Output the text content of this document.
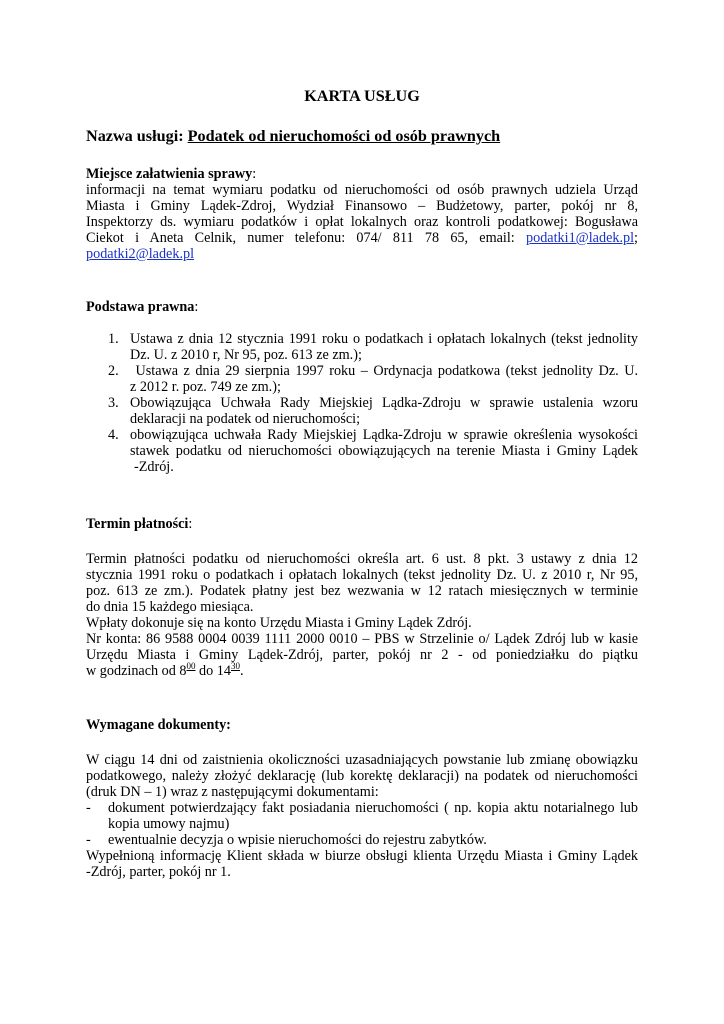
KARTA USŁUG
Nazwa usługi: Podatek od nieruchomości od osób prawnych
Miejsce załatwienia sprawy:
informacji na temat wymiaru podatku od nieruchomości od osób prawnych udziela Urząd
Miasta i Gminy Lądek-Zdroj, Wydział Finansowo – Budżetowy, parter, pokój nr 8,
Inspektorzy ds. wymiaru podatków i opłat lokalnych oraz kontroli podatkowej: Bogusława
Ciekot i Aneta Celnik, numer telefonu: 074/ 811 78 65, email: podatki1@ladek.pl;
podatki2@ladek.pl
Podstawa prawna:
1. Ustawa z dnia 12 stycznia 1991 roku o podatkach i opłatach lokalnych (tekst jednolity
Dz. U. z 2010 r, Nr 95, poz. 613 ze zm.);
2. Ustawa z dnia 29 sierpnia 1997 roku – Ordynacja podatkowa (tekst jednolity Dz. U.
z 2012 r. poz. 749 ze zm.);
3. Obowiązująca Uchwała Rady Miejskiej Lądka-Zdroju w sprawie ustalenia wzoru
deklaracji na podatek od nieruchomości;
4. obowiązująca uchwała Rady Miejskiej Lądka-Zdroju w sprawie określenia wysokości
stawek podatku od nieruchomości obowiązujących na terenie Miasta i Gminy Lądek
-Zdrój.
Termin płatności:
Termin płatności podatku od nieruchomości określa art. 6 ust. 8 pkt. 3 ustawy z dnia 12
stycznia 1991 roku o podatkach i opłatach lokalnych (tekst jednolity Dz. U. z 2010 r, Nr 95,
poz. 613 ze zm.). Podatek płatny jest bez wezwania w 12 ratach miesięcznych w terminie
do dnia 15 każdego miesiąca.
Wpłaty dokonuje się na konto Urzędu Miasta i Gminy Lądek Zdrój.
Nr konta: 86 9588 0004 0039 1111 2000 0010 – PBS w Strzelinie o/ Lądek Zdrój lub w kasie
Urzędu Miasta i Gminy Lądek-Zdrój, parter, pokój nr 2 - od poniedziałku do piątku
w godzinach od $8^{00}$ do $14^{30}$.
Wymagane dokumenty:
W ciągu 14 dni od zaistnienia okoliczności uzasadniających powstanie lub zmianę obowiązku
podatkowego, należy złożyć deklarację (lub korektę deklaracji) na podatek od nieruchomości
(druk DN – 1) wraz z następującymi dokumentami:
- dokument potwierdzający fakt posiadania nieruchomości ( np. kopia aktu notarialnego lub
kopia umowy najmu)
- ewentualnie decyzja o wpisie nieruchomości do rejestru zabytków.
Wypełnioną informację Klient składa w biurze obsługi klienta Urzędu Miasta i Gminy Lądek
-Zdrój, parter, pokój nr 1.
